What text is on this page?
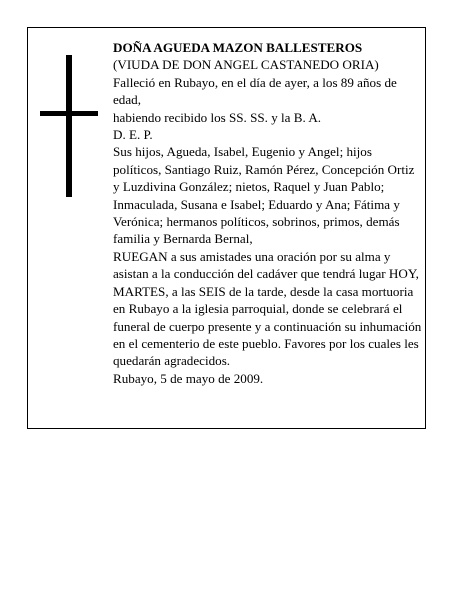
DOÑA AGUEDA MAZON BALLESTEROS

(VIUDA DE DON ANGEL CASTANEDO ORIA)

Falleció en Rubayo, en el día de ayer, a los 89 años de edad,

habiendo recibido los SS. SS. y la B. A.

D. E. P.

Sus hijos, Agueda, Isabel, Eugenio y Angel; hijos políticos, Santiago Ruiz, Ramón Pérez, Concepción Ortiz y Luzdivina González; nietos, Raquel y Juan Pablo; Inmaculada, Susana e Isabel; Eduardo y Ana; Fátima y Verónica; hermanos políticos, sobrinos, primos, demás familia y Bernarda Bernal,

RUEGAN a sus amistades una oración por su alma y asistan a la conducción del cadáver que tendrá lugar HOY, MARTES, a las SEIS de la tarde, desde la casa mortuoria en Rubayo a la iglesia parroquial, donde se celebrará el funeral de cuerpo presente y a continuación su inhumación en el cementerio de este pueblo. Favores por los cuales les quedarán agradecidos.

Rubayo, 5 de mayo de 2009.
